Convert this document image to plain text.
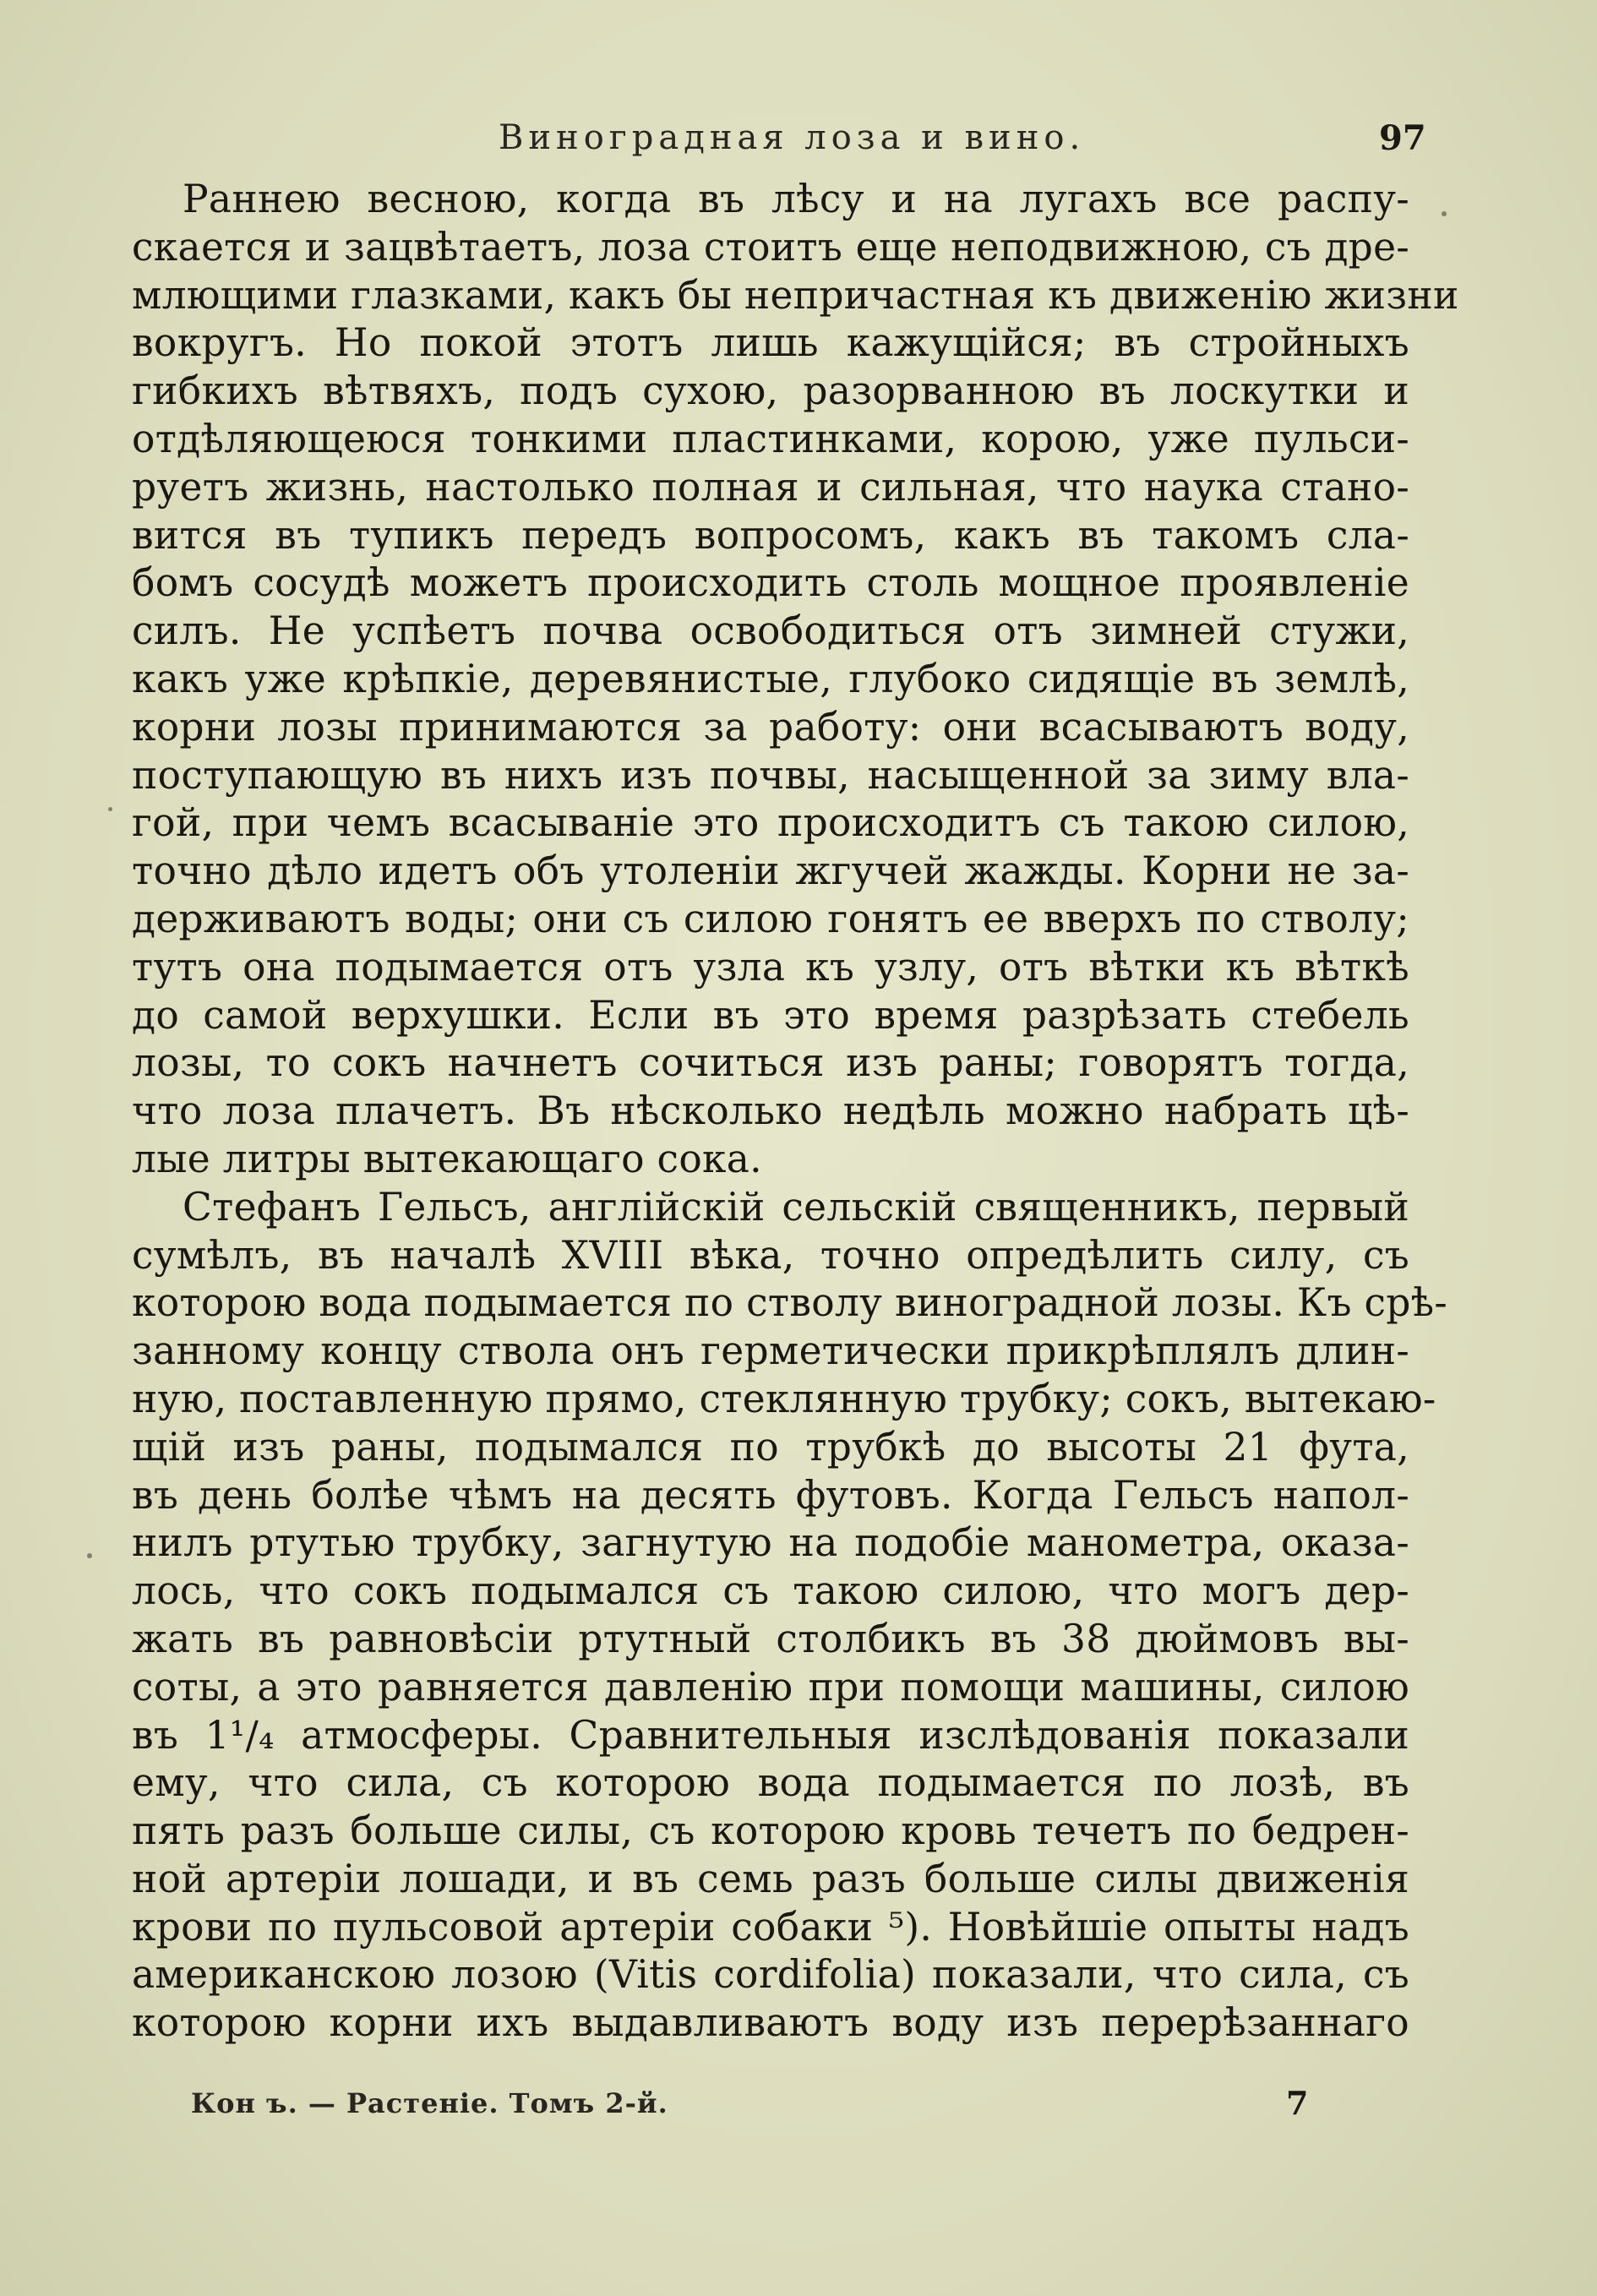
Виноградная лоза и вино.	97
Раннею весною, когда въ лѣсу и на лугахъ все распу-
скается и зацвѣтаетъ, лоза стоитъ еще неподвижною, съ дре-
млющими глазками, какъ бы непричастная къ движенію жизни
вокругъ. Но покой этотъ лишь кажущійся; въ стройныхъ
гибкихъ вѣтвяхъ, подъ сухою, разорванною въ лоскутки и
отдѣляющеюся тонкими пластинками, корою, уже пульси-
руетъ жизнь, настолько полная и сильная, что наука стано-
вится въ тупикъ передъ вопросомъ, какъ въ такомъ сла-
бомъ сосудѣ можетъ происходить столь мощное проявленіе
силъ. Не успѣетъ почва освободиться отъ зимней стужи,
какъ уже крѣпкіе, деревянистые, глубоко сидящіе въ землѣ,
корни лозы принимаются за работу: они всасываютъ воду,
поступающую въ нихъ изъ почвы, насыщенной за зиму вла-
гой, при чемъ всасываніе это происходитъ съ такою силою,
точно дѣло идетъ объ утоленіи жгучей жажды. Корни не за-
держиваютъ воды; они съ силою гонятъ ее вверхъ по стволу;
тутъ она подымается отъ узла къ узлу, отъ вѣтки къ вѣткѣ
до самой верхушки. Если въ это время разрѣзать стебель
лозы, то сокъ начнетъ сочиться изъ раны; говорятъ тогда,
что лоза плачетъ. Въ нѣсколько недѣль можно набрать цѣ-
лые литры вытекающаго сока.
Стефанъ Гельсъ, англійскій сельскій священникъ, первый
сумѣлъ, въ началѣ XVIII вѣка, точно опредѣлить силу, съ
которою вода подымается по стволу виноградной лозы. Къ срѣ-
занному концу ствола онъ герметически прикрѣплялъ длин-
ную, поставленную прямо, стеклянную трубку; сокъ, вытекаю-
щій изъ раны, подымался по трубкѣ до высоты 21 фута,
въ день болѣе чѣмъ на десять футовъ. Когда Гельсъ напол-
нилъ ртутью трубку, загнутую на подобіе манометра, оказа-
лось, что сокъ подымался съ такою силою, что могъ дер-
жать въ равновѣсіи ртутный столбикъ въ 38 дюймовъ вы-
соты, а это равняется давленію при помощи машины, силою
въ 1¹/₄ атмосферы. Сравнительныя изслѣдованія показали
ему, что сила, съ которою вода подымается по лозѣ, въ
пять разъ больше силы, съ которою кровь течетъ по бедрен-
ной артеріи лошади, и въ семь разъ больше силы движенія
крови по пульсовой артеріи собаки ⁵). Новѣйшіе опыты надъ
американскою лозою (Vitis cordifolia) показали, что сила, съ
которою корни ихъ выдавливаютъ воду изъ перерѣзаннаго
Кон ъ. — Растеніе. Томъ 2-й.	7
